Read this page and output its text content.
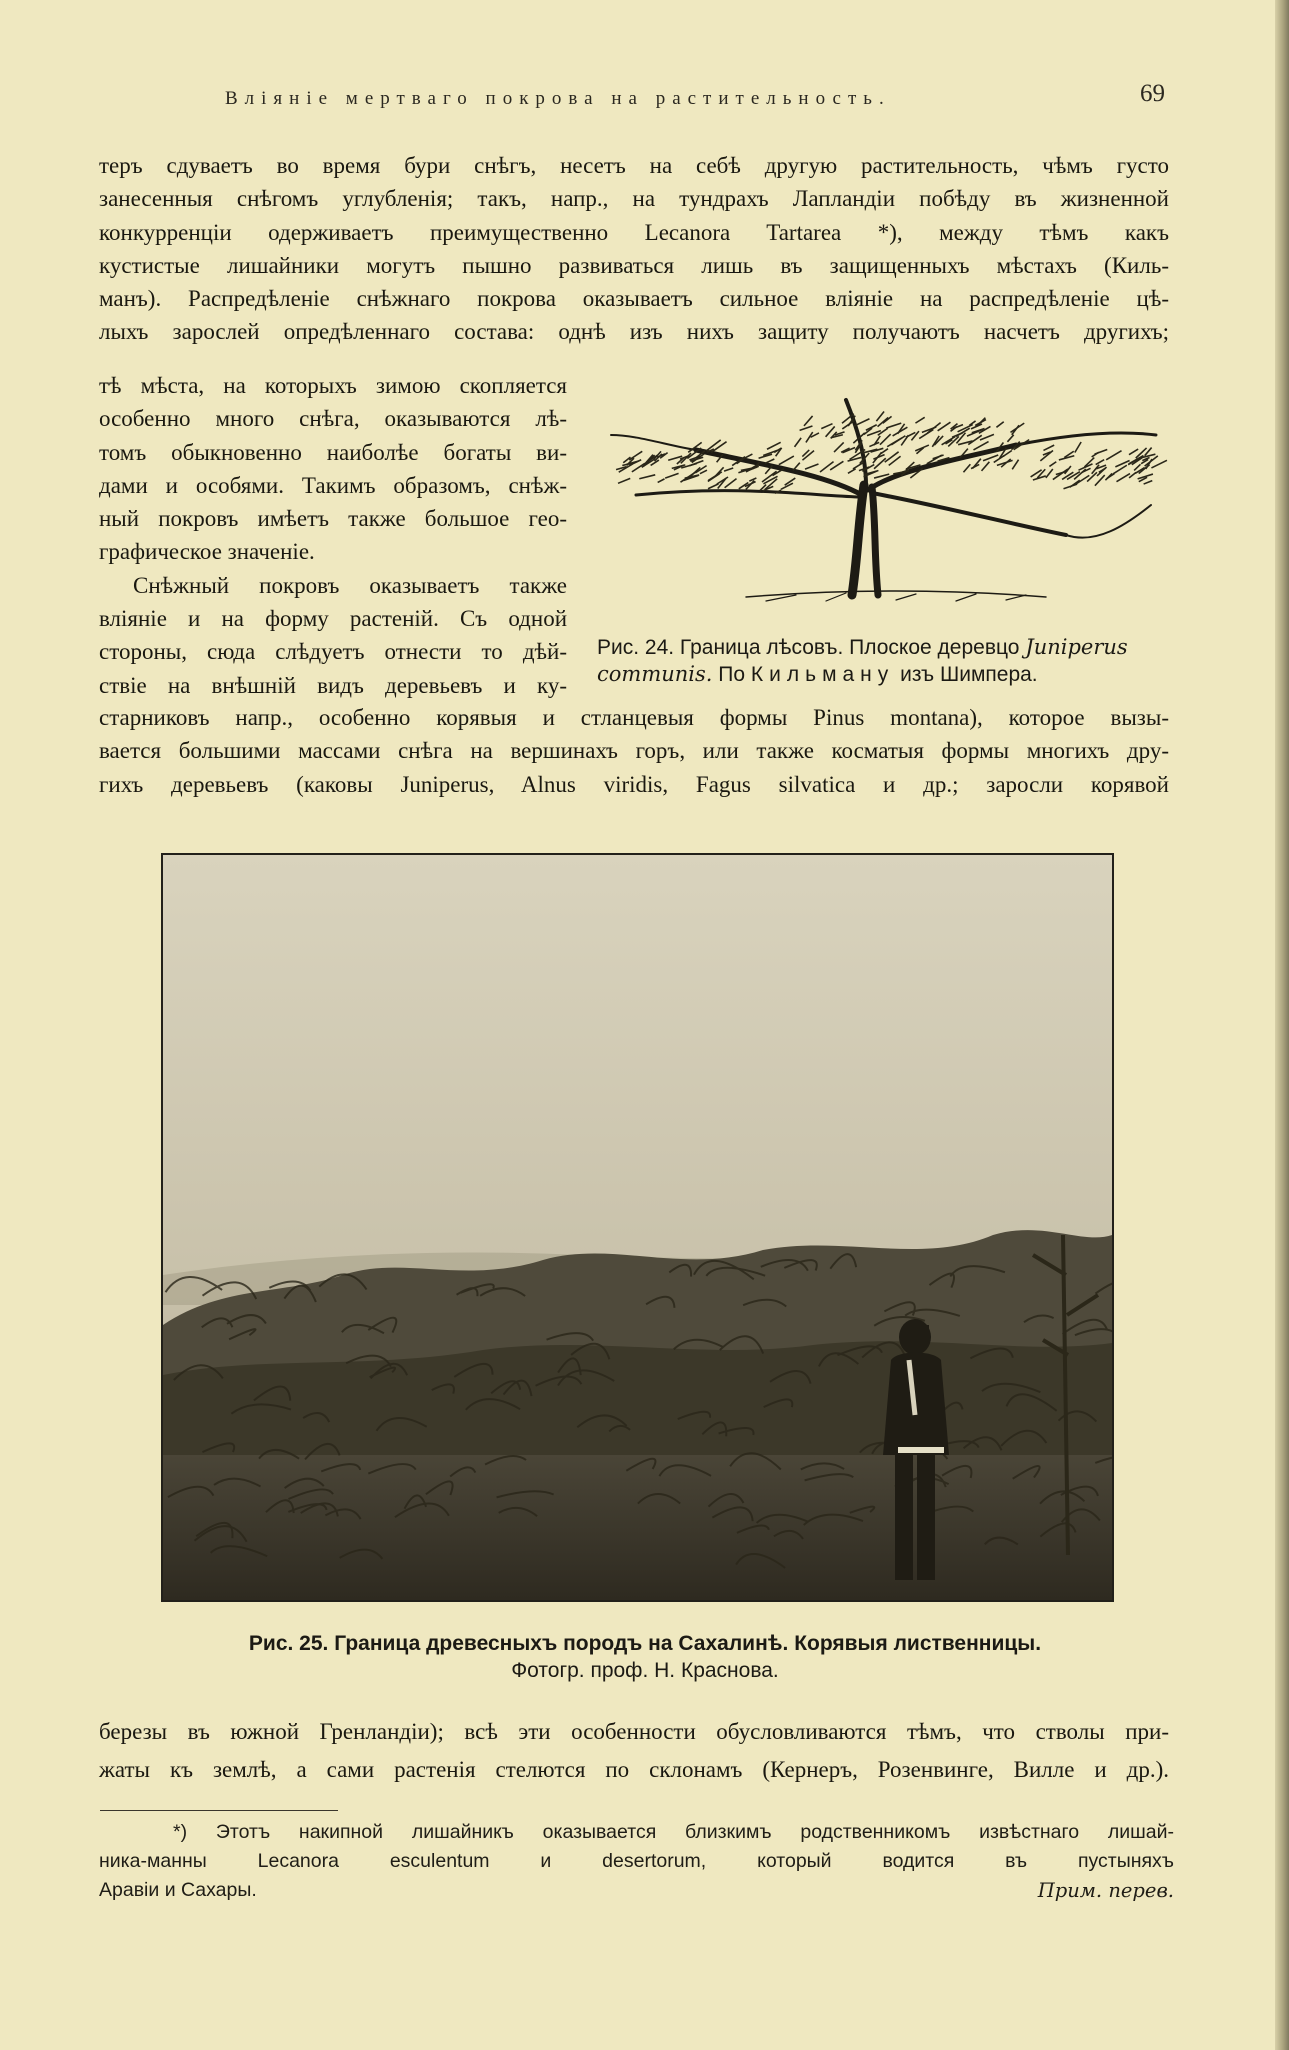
Вліяніе мертваго покрова на растительность.	69
теръ сдуваетъ во время бури снѣгъ, несетъ на себѣ другую растительность, чѣмъ густо
занесенныя снѣгомъ углубленія; такъ, напр., на тундрахъ Лапландіи побѣду въ жизненной
конкурренціи одерживаетъ преимущественно Lecanora Tartarea *), между тѣмъ какъ
кустистые лишайники могутъ пышно развиваться лишь въ защищенныхъ мѣстахъ (Киль-
манъ). Распредѣленіе снѣжнаго покрова оказываетъ сильное вліяніе на распредѣленіе цѣ-
лыхъ зарослей опредѣленнаго состава: однѣ изъ нихъ защиту получаютъ насчетъ другихъ;
тѣ мѣста, на которыхъ зимою скопляется
особенно много снѣга, оказываются лѣ-
томъ обыкновенно наиболѣе богаты ви-
дами и особями. Такимъ образомъ, снѣж-
ный покровъ имѣетъ также большое гео-
графическое значеніе.
Снѣжный покровъ оказываетъ также
вліяніе и на форму растеній. Съ одной
стороны, сюда слѣдуетъ отнести то дѣй-
ствіе на внѣшній видъ деревьевъ и ку-
Рис. 24. Граница лѣсовъ. Плоское деревцо Juniperus communis. По Кильману изъ Шимпера.
старниковъ напр., особенно корявыя и стланцевыя формы Pinus montana), которое вызы-
вается большими массами снѣга на вершинахъ горъ, или также косматыя формы многихъ дру-
гихъ деревьевъ (каковы Juniperus, Alnus viridis, Fagus silvatica и др.; заросли корявой
Рис. 25. Граница древесныхъ породъ на Сахалинѣ. Корявыя лиственницы.
Фотогр. проф. Н. Краснова.
березы въ южной Гренландіи); всѣ эти особенности обусловливаются тѣмъ, что стволы при-
жаты къ землѣ, а сами растенія стелются по склонамъ (Кернеръ, Розенвинге, Вилле и др.).
*) Этотъ накипной лишайникъ оказывается близкимъ родственникомъ извѣстнаго лишай-
ника-манны Lecanora esculentum и desertorum, который водится въ пустыняхъ
Аравіи и Сахары.	Прим. перев.
